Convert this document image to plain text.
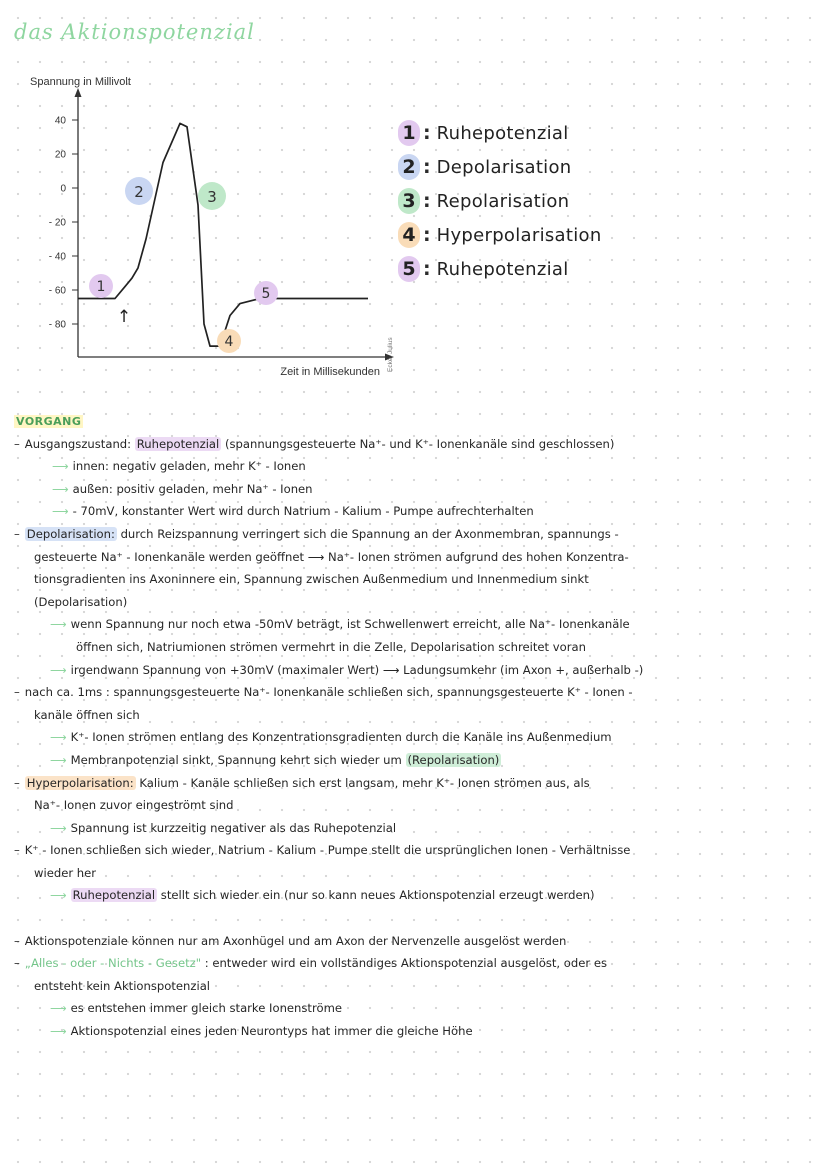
das Aktionspotenzial
Spannung in Millivolt
40
20
0
- 20
- 40
- 60
- 80	↑
1
2	3
4
5
Zeit in Millisekunden Ecke, Julius
1 : Ruhepotenzial
2 : Depolarisation
3 : Repolarisation
4 : Hyperpolarisation
5 : Ruhepotenzial
VORGANG
– Ausgangszustand: Ruhepotenzial (spannungsgesteuerte Na⁺- und K⁺- Ionenkanäle sind geschlossen)
⟶ innen: negativ geladen, mehr K⁺ - Ionen
⟶ außen: positiv geladen, mehr Na⁺ - Ionen
⟶ - 70mV, konstanter Wert wird durch Natrium - Kalium - Pumpe aufrechterhalten
– Depolarisation: durch Reizspannung verringert sich die Spannung an der Axonmembran, spannungs -
gesteuerte Na⁺ - Ionenkanäle werden geöffnet ⟶ Na⁺- Ionen strömen aufgrund des hohen Konzentra-
tionsgradienten ins Axoninnere ein, Spannung zwischen Außenmedium und Innenmedium sinkt
(Depolarisation)
⟶ wenn Spannung nur noch etwa -50mV beträgt, ist Schwellenwert erreicht, alle Na⁺- Ionenkanäle
öffnen sich, Natriumionen strömen vermehrt in die Zelle, Depolarisation schreitet voran
⟶ irgendwann Spannung von +30mV (maximaler Wert) ⟶ Ladungsumkehr (im Axon +, außerhalb -)
– nach ca. 1ms : spannungsgesteuerte Na⁺- Ionenkanäle schließen sich, spannungsgesteuerte K⁺ - Ionen -
kanäle öffnen sich
⟶ K⁺- Ionen strömen entlang des Konzentrationsgradienten durch die Kanäle ins Außenmedium
⟶ Membranpotenzial sinkt, Spannung kehrt sich wieder um (Repolarisation)
– Hyperpolarisation: Kalium - Kanäle schließen sich erst langsam, mehr K⁺- Ionen strömen aus, als
Na⁺- Ionen zuvor eingeströmt sind
⟶ Spannung ist kurzzeitig negativer als das Ruhepotenzial
– K⁺ - Ionen schließen sich wieder, Natrium - Kalium - Pumpe stellt die ursprünglichen Ionen - Verhältnisse
wieder her
⟶ Ruhepotenzial stellt sich wieder ein (nur so kann neues Aktionspotenzial erzeugt werden)
– Aktionspotenziale können nur am Axonhügel und am Axon der Nervenzelle ausgelöst werden
– „Alles - oder - Nichts - Gesetz" : entweder wird ein vollständiges Aktionspotenzial ausgelöst, oder es
entsteht kein Aktionspotenzial
⟶ es entstehen immer gleich starke Ionenströme
⟶ Aktionspotenzial eines jeden Neurontyps hat immer die gleiche Höhe
